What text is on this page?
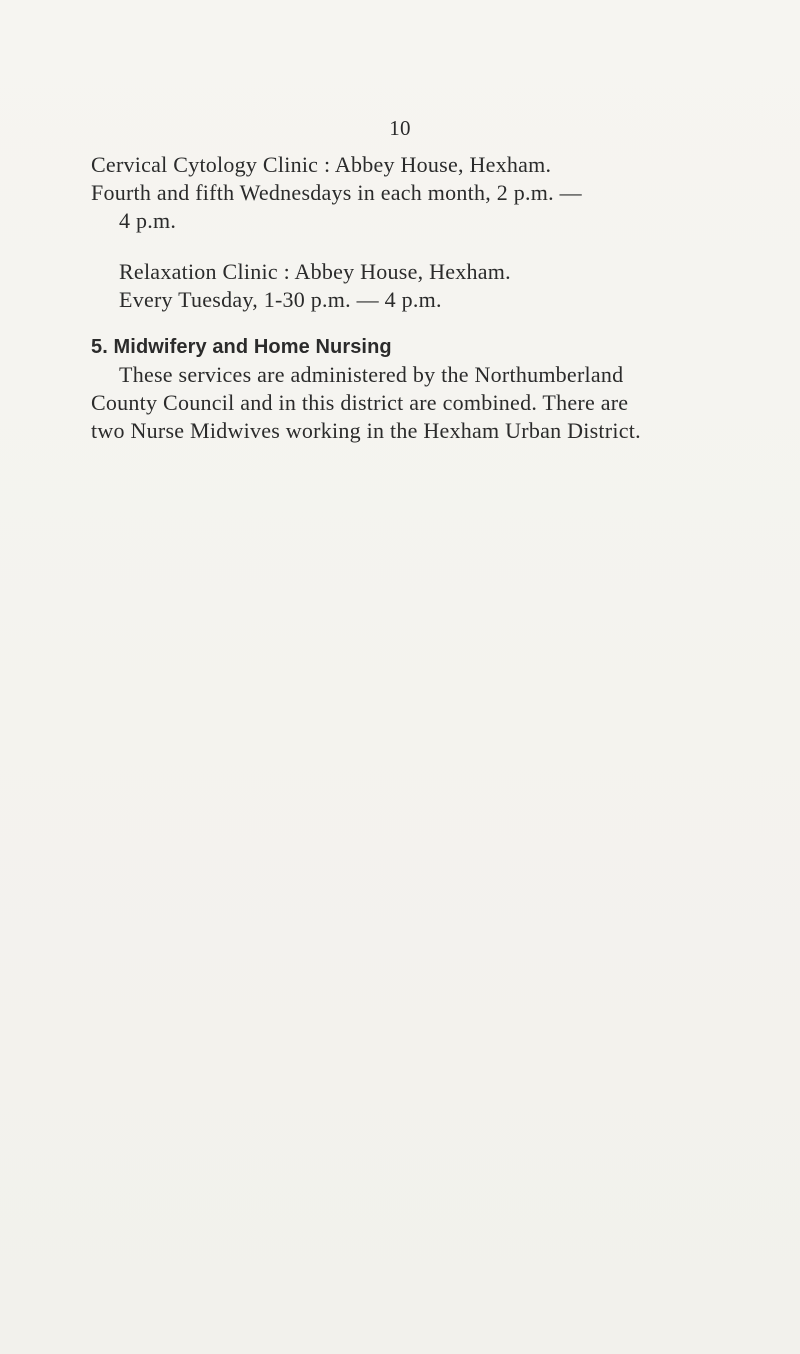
10
Cervical Cytology Clinic : Abbey House, Hexham.
Fourth and fifth Wednesdays in each month, 2 p.m. —
4 p.m.
Relaxation Clinic : Abbey House, Hexham.
Every Tuesday, 1-30 p.m. — 4 p.m.
5. Midwifery and Home Nursing
These services are administered by the Northumberland
County Council and in this district are combined. There are
two Nurse Midwives working in the Hexham Urban District.
